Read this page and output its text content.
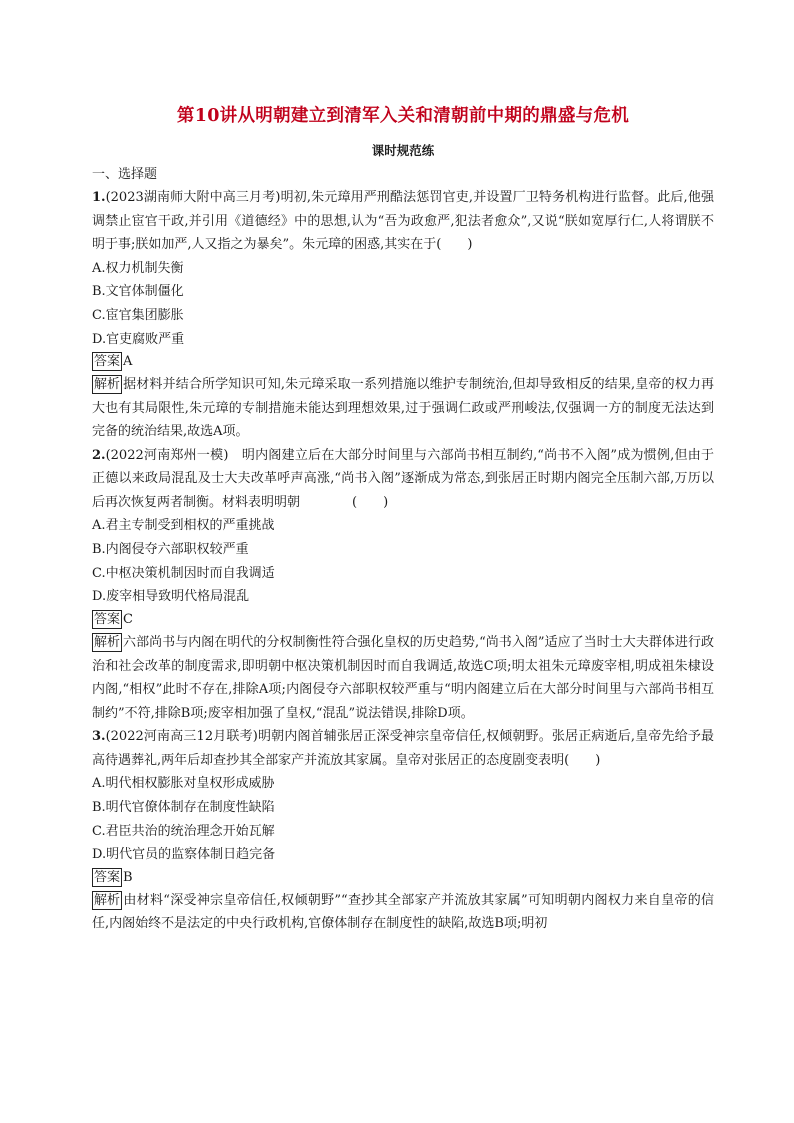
第10讲从明朝建立到清军入关和清朝前中期的鼎盛与危机
课时规范练
一、选择题

1.(2023湖南师大附中高三月考)明初,朱元璋用严刑酷法惩罚官吏,并设置厂卫特务机构进行监督。此后,他强调禁止宦官干政,并引用《道德经》中的思想,认为“吾为政愈严,犯法者愈众”,又说“朕如宽厚行仁,人将谓朕不明于事;朕如加严,人又指之为暴矣”。朱元璋的困惑,其实在于(　　)

A.权力机制失衡
B.文官体制僵化
C.宦官集团膨胀
D.官吏腐败严重
答案 A

解析 据材料并结合所学知识可知,朱元璋采取一系列措施以维护专制统治,但却导致相反的结果,皇帝的权力再大也有其局限性,朱元璋的专制措施未能达到理想效果,过于强调仁政或严刑峻法,仅强调一方的制度无法达到完备的统治结果,故选A项。

2.(2022河南郑州一模)　明内阁建立后在大部分时间里与六部尚书相互制约,“尚书不入阁”成为惯例,但由于正德以来政局混乱及士大夫改革呼声高涨,“尚书入阁”逐渐成为常态,到张居正时期内阁完全压制六部,万历以后再次恢复两者制衡。材料表明明朝　　　　(　　)

A.君主专制受到相权的严重挑战
B.内阁侵夺六部职权较严重
C.中枢决策机制因时而自我调适
D.废宰相导致明代格局混乱
答案 C

解析 六部尚书与内阁在明代的分权制衡性符合强化皇权的历史趋势,“尚书入阁”适应了当时士大夫群体进行政治和社会改革的制度需求,即明朝中枢决策机制因时而自我调适,故选C项;明太祖朱元璋废宰相,明成祖朱棣设内阁,“相权”此时不存在,排除A项;内阁侵夺六部职权较严重与“明内阁建立后在大部分时间里与六部尚书相互制约”不符,排除B项;废宰相加强了皇权,“混乱”说法错误,排除D项。

3.(2022河南高三12月联考)明朝内阁首辅张居正深受神宗皇帝信任,权倾朝野。张居正病逝后,皇帝先给予最高待遇葬礼,两年后却查抄其全部家产并流放其家属。皇帝对张居正的态度剧变表明(　　)

A.明代相权膨胀对皇权形成威胁
B.明代官僚体制存在制度性缺陷
C.君臣共治的统治理念开始瓦解
D.明代官员的监察体制日趋完备
答案 B

解析 由材料“深受神宗皇帝信任,权倾朝野”“查抄其全部家产并流放其家属”可知明朝内阁权力来自皇帝的信任,内阁始终不是法定的中央行政机构,官僚体制存在制度性的缺陷,故选B项;明初
